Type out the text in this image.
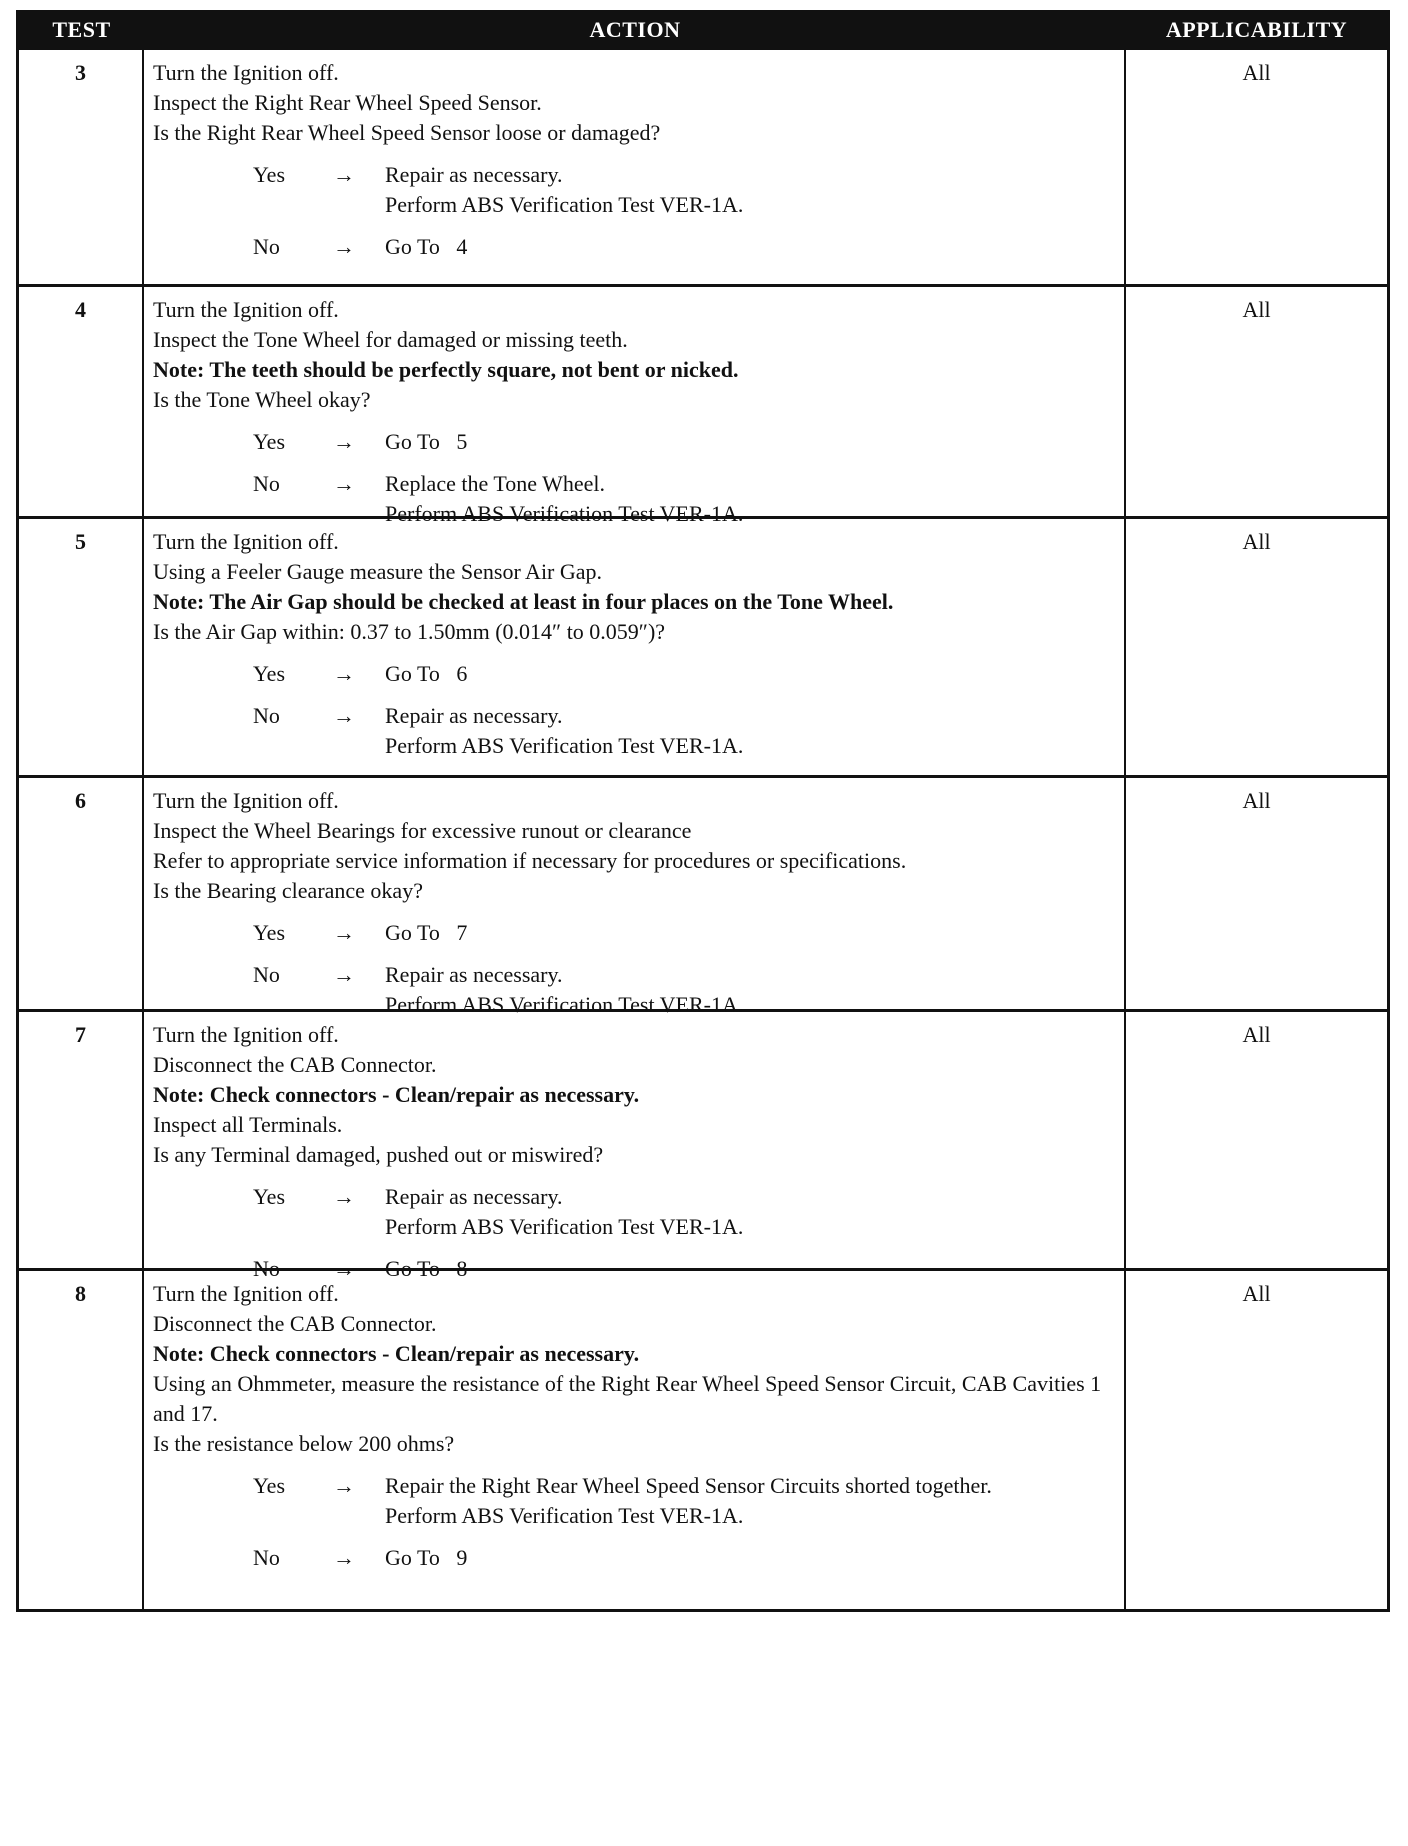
TEST	ACTION	APPLICABILITY
3	Turn the Ignition off.
Inspect the Right Rear Wheel Speed Sensor.
Is the Right Rear Wheel Speed Sensor loose or damaged?
Yes	→	Repair as necessary.
Perform ABS Verification Test VER-1A.
No	→	Go To   4
All
4	Turn the Ignition off.
Inspect the Tone Wheel for damaged or missing teeth.
Note: The teeth should be perfectly square, not bent or nicked.
Is the Tone Wheel okay?
Yes	→	Go To   5
No	→	Replace the Tone Wheel.
Perform ABS Verification Test VER-1A.
All
5	Turn the Ignition off.
Using a Feeler Gauge measure the Sensor Air Gap.
Note: The Air Gap should be checked at least in four places on the Tone Wheel.
Is the Air Gap within: 0.37 to 1.50mm (0.014″ to 0.059″)?
Yes	→	Go To   6
No	→	Repair as necessary.
Perform ABS Verification Test VER-1A.
All
6	Turn the Ignition off.
Inspect the Wheel Bearings for excessive runout or clearance
Refer to appropriate service information if necessary for procedures or specifications.
Is the Bearing clearance okay?
Yes	→	Go To   7
No	→	Repair as necessary.
Perform ABS Verification Test VER-1A.
All
7	Turn the Ignition off.
Disconnect the CAB Connector.
Note: Check connectors - Clean/repair as necessary.
Inspect all Terminals.
Is any Terminal damaged, pushed out or miswired?
Yes	→	Repair as necessary.
Perform ABS Verification Test VER-1A.
No	→	Go To   8
All
8	Turn the Ignition off.
Disconnect the CAB Connector.
Note: Check connectors - Clean/repair as necessary.
Using an Ohmmeter, measure the resistance of the Right Rear Wheel Speed Sensor Circuit, CAB Cavities 1 and 17.
Is the resistance below 200 ohms?
Yes	→	Repair the Right Rear Wheel Speed Sensor Circuits shorted together.
Perform ABS Verification Test VER-1A.
No	→	Go To   9
All
